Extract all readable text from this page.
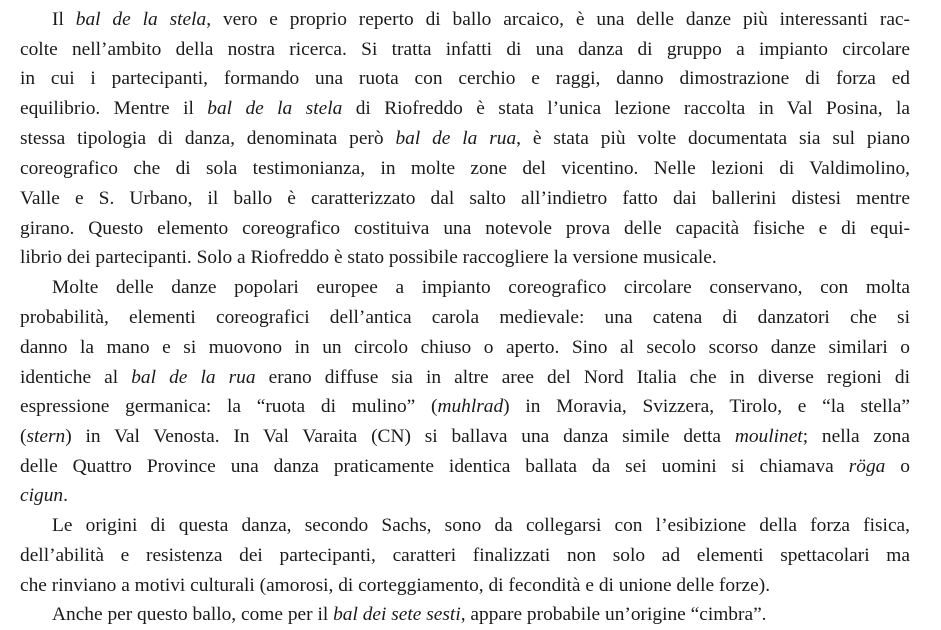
Il bal de la stela, vero e proprio reperto di ballo arcaico, è una delle danze più interessanti rac-
colte nell’ambito della nostra ricerca. Si tratta infatti di una danza di gruppo a impianto circolare
in cui i partecipanti, formando una ruota con cerchio e raggi, danno dimostrazione di forza ed
equilibrio. Mentre il bal de la stela di Riofreddo è stata l’unica lezione raccolta in Val Posina, la
stessa tipologia di danza, denominata però bal de la rua, è stata più volte documentata sia sul piano
coreografico che di sola testimonianza, in molte zone del vicentino. Nelle lezioni di Valdimolino,
Valle e S. Urbano, il ballo è caratterizzato dal salto all’indietro fatto dai ballerini distesi mentre
girano. Questo elemento coreografico costituiva una notevole prova delle capacità fisiche e di equi-
librio dei partecipanti. Solo a Riofreddo è stato possibile raccogliere la versione musicale.
Molte delle danze popolari europee a impianto coreografico circolare conservano, con molta
probabilità, elementi coreografici dell’antica carola medievale: una catena di danzatori che si
danno la mano e si muovono in un circolo chiuso o aperto. Sino al secolo scorso danze similari o
identiche al bal de la rua erano diffuse sia in altre aree del Nord Italia che in diverse regioni di
espressione germanica: la “ruota di mulino” (muhlrad) in Moravia, Svizzera, Tirolo, e “la stella”
(stern) in Val Venosta. In Val Varaita (CN) si ballava una danza simile detta moulinet; nella zona
delle Quattro Province una danza praticamente identica ballata da sei uomini si chiamava röga o
cigun.
Le origini di questa danza, secondo Sachs, sono da collegarsi con l’esibizione della forza fisica,
dell’abilità e resistenza dei partecipanti, caratteri finalizzati non solo ad elementi spettacolari ma
che rinviano a motivi culturali (amorosi, di corteggiamento, di fecondità e di unione delle forze).
Anche per questo ballo, come per il bal dei sete sesti, appare probabile un’origine “cimbra”.
